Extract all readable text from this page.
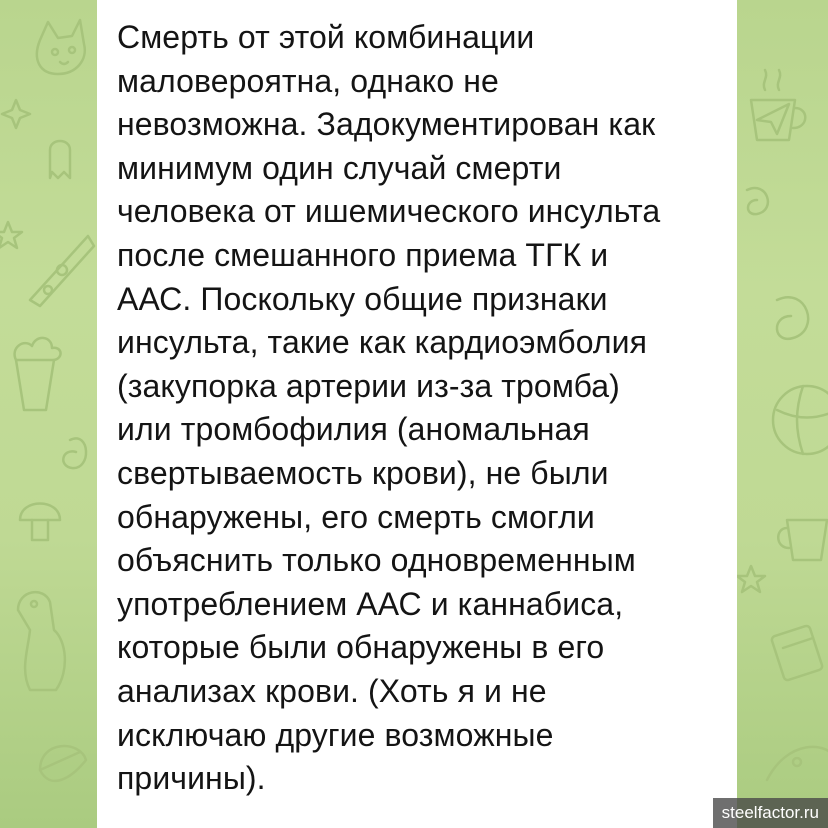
Смерть от этой комбинации
маловероятна, однако не
невозможна. Задокументирован как
минимум один случай смерти
человека от ишемического инсульта
после смешанного приема ТГК и
ААС. Поскольку общие признаки
инсульта, такие как кардиоэмболия
(закупорка артерии из-за тромба)
или тромбофилия (аномальная
свертываемость крови), не были
обнаружены, его смерть смогли
объяснить только одновременным
употреблением ААС и каннабиса,
которые были обнаружены в его
анализах крови. (Хоть я и не
исключаю другие возможные
причины).

steelfactor.ru
